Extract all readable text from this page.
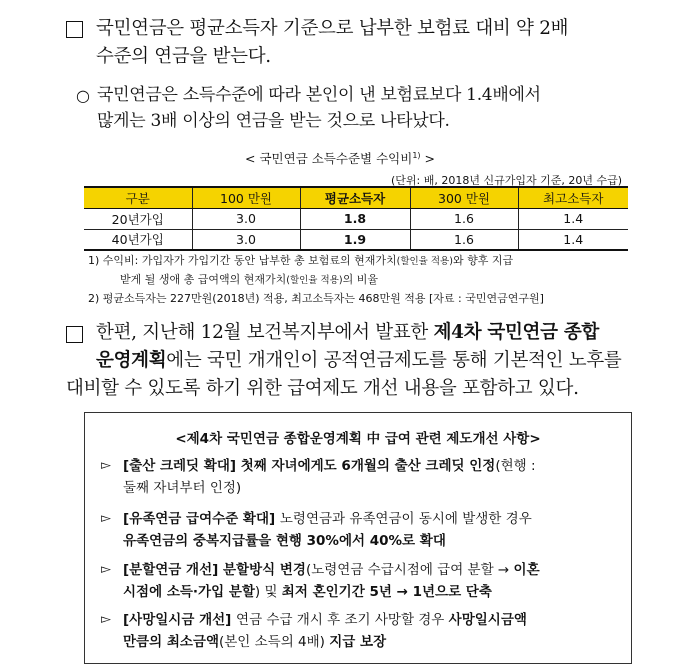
국민연금은 평균소득자 기준으로 납부한 보험료 대비 약 2배
수준의 연금을 받는다.
○ 국민연금은 소득수준에 따라 본인이 낸 보험료보다 1.4배에서
많게는 3배 이상의 연금을 받는 것으로 나타났다.
< 국민연금 소득수준별 수익비$^{1)}$ >
(단위: 배, 2018년 신규가입자 기준, 20년 수급)
구분	100 만원	평균소득자	300 만원	최고소득자
20년가입	3.0	1.8	1.6	1.4
40년가입	3.0	1.9	1.6	1.4
1) 수익비: 가입자가 가입기간 동안 납부한 총 보험료의 현재가치(할인율 적용)와 향후 지급
받게 될 생애 총 급여액의 현재가치(할인율 적용)의 비율
2) 평균소득자는 227만원(2018년) 적용, 최고소득자는 468만원 적용 [자료 : 국민연금연구원]
한편, 지난해 12월 보건복지부에서 발표한 제4차 국민연금 종합
운영계획에는 국민 개개인이 공적연금제도를 통해 기본적인 노후를
대비할 수 있도록 하기 위한 급여제도 개선 내용을 포함하고 있다.
<제4차 국민연금 종합운영계획 中 급여 관련 제도개선 사항>
▻ [출산 크레딧 확대] 첫째 자녀에게도 6개월의 출산 크레딧 인정(현행 :
둘째 자녀부터 인정)
▻ [유족연금 급여수준 확대] 노령연금과 유족연금이 동시에 발생한 경우
유족연금의 중복지급률을 현행 30%에서 40%로 확대
▻ [분할연금 개선] 분할방식 변경(노령연금 수급시점에 급여 분할 → 이혼
시점에 소득·가입 분할) 및 최저 혼인기간 5년 → 1년으로 단축
▻ [사망일시금 개선] 연금 수급 개시 후 조기 사망할 경우 사망일시금액
만큼의 최소금액(본인 소득의 4배) 지급 보장
